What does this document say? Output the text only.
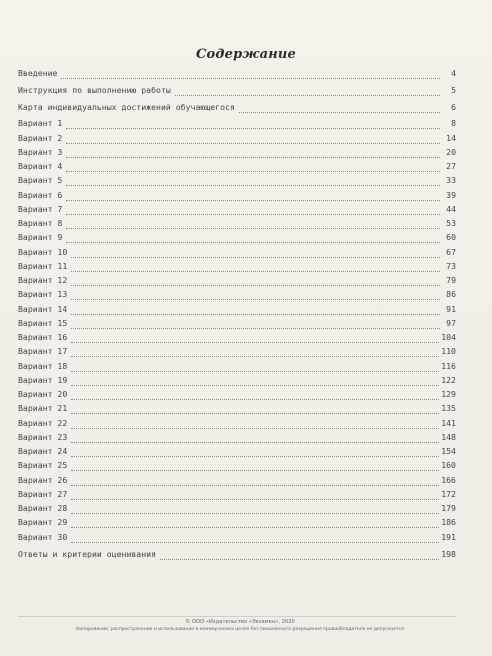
Содержание
Введение	4
Инструкция по выполнению работы	5
Карта индивидуальных достижений обучающегося	6
Вариант 1	8
Вариант 2	14
Вариант 3	20
Вариант 4	27
Вариант 5	33
Вариант 6	39
Вариант 7	44
Вариант 8	53
Вариант 9	60
Вариант 10	67
Вариант 11	73
Вариант 12	79
Вариант 13	86
Вариант 14	91
Вариант 15	97
Вариант 16	104
Вариант 17	110
Вариант 18	116
Вариант 19	122
Вариант 20	129
Вариант 21	135
Вариант 22	141
Вариант 23	148
Вариант 24	154
Вариант 25	160
Вариант 26	166
Вариант 27	172
Вариант 28	179
Вариант 29	186
Вариант 30	191
Ответы и критерии оценивания	198
© ООО «Издательство «Экзамен», 2020
Копирование, распространение и использование в коммерческих целях без письменного разрешения правообладателя не допускается
